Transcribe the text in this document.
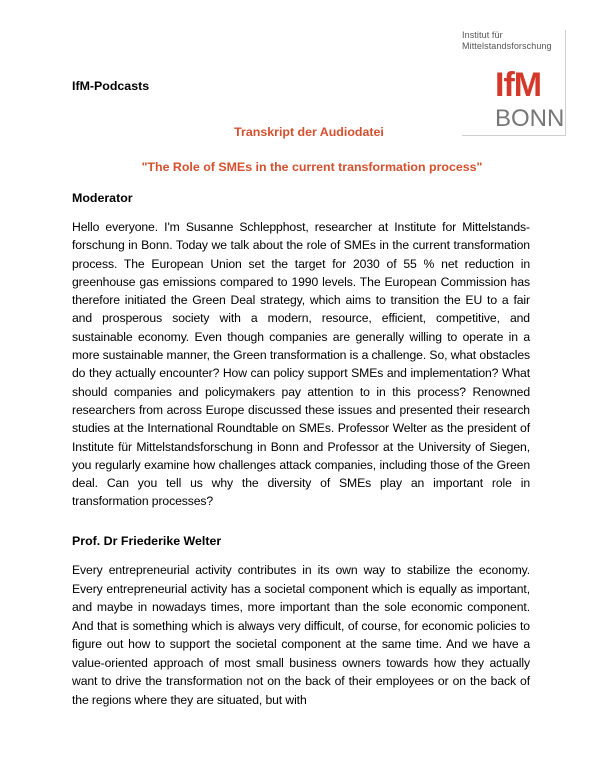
Institut für
Mittelstandsforschung
IfM
BONN
IfM-Podcasts
Transkript der Audiodatei
"The Role of SMEs in the current transformation process"
Moderator

Hello everyone. I'm Susanne Schlepphost, researcher at Institute for Mittelstands-forschung in Bonn. Today we talk about the role of SMEs in the current transformation process. The European Union set the target for 2030 of 55 % net reduction in greenhouse gas emissions compared to 1990 levels. The European Commission has therefore initiated the Green Deal strategy, which aims to transition the EU to a fair and prosperous society with a modern, resource, efficient, competitive, and sustainable economy. Even though companies are generally willing to operate in a more sustainable manner, the Green transformation is a challenge. So, what obstacles do they actually encounter? How can policy support SMEs and implementation? What should companies and policymakers pay attention to in this process? Renowned researchers from across Europe discussed these issues and presented their research studies at the International Roundtable on SMEs. Professor Welter as the president of Institute für Mittelstandsforschung in Bonn and Professor at the University of Siegen, you regularly examine how challenges attack companies, including those of the Green deal. Can you tell us why the diversity of SMEs play an important role in transformation processes?

Prof. Dr Friederike Welter

Every entrepreneurial activity contributes in its own way to stabilize the economy. Every entrepreneurial activity has a societal component which is equally as important, and maybe in nowadays times, more important than the sole economic component. And that is something which is always very difficult, of course, for economic policies to figure out how to support the societal component at the same time. And we have a value-oriented approach of most small business owners towards how they actually want to drive the transformation not on the back of their employees or on the back of the regions where they are situated, but with
